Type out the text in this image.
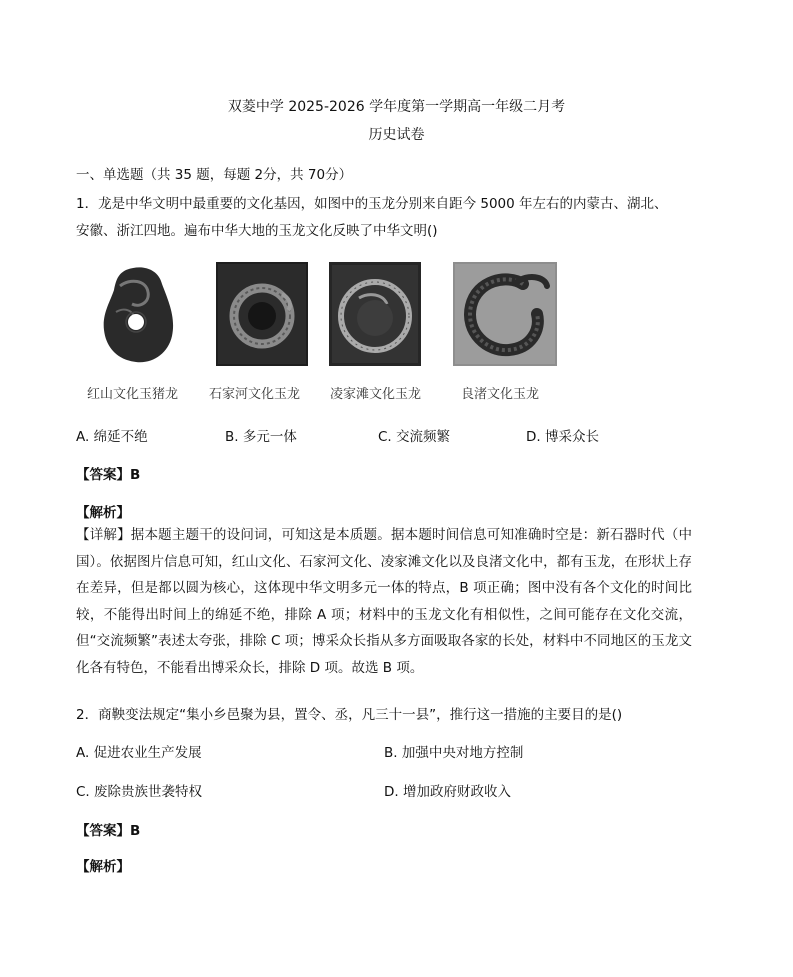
双菱中学 2025-2026 学年度第一学期高一年级二月考
历史试卷
一、单选题（共 35 题，每题 2分，共 70分）
1．龙是中华文明中最重要的文化基因，如图中的玉龙分别来自距今 5000 年左右的内蒙古、湖北、
安徽、浙江四地。遍布中华大地的玉龙文化反映了中华文明()
红山文化玉猪龙 石家河文化玉龙 凌家滩文化玉龙	良渚文化玉龙
A. 绵延不绝	B. 多元一体	C. 交流频繁	D. 博采众长
【答案】B
【解析】
【详解】据本题主题干的设问词，可知这是本质题。据本题时间信息可知准确时空是：新石器时代（中国）。依据图片信息可知，红山文化、石家河文化、凌家滩文化以及良渚文化中，都有玉龙，在形状上存在差异，但是都以圆为核心，这体现中华文明多元一体的特点，B 项正确；图中没有各个文化的时间比较，不能得出时间上的绵延不绝，排除 A 项；材料中的玉龙文化有相似性，之间可能存在文化交流，但“交流频繁”表述太夸张，排除 C 项；博采众长指从多方面吸取各家的长处，材料中不同地区的玉龙文化各有特色，不能看出博采众长，排除 D 项。故选 B 项。
2．商鞅变法规定“集小乡邑聚为县，置令、丞，凡三十一县”，推行这一措施的主要目的是()
A. 促进农业生产发展	B. 加强中央对地方控制
C. 废除贵族世袭特权	D. 增加政府财政收入
【答案】B
【解析】
